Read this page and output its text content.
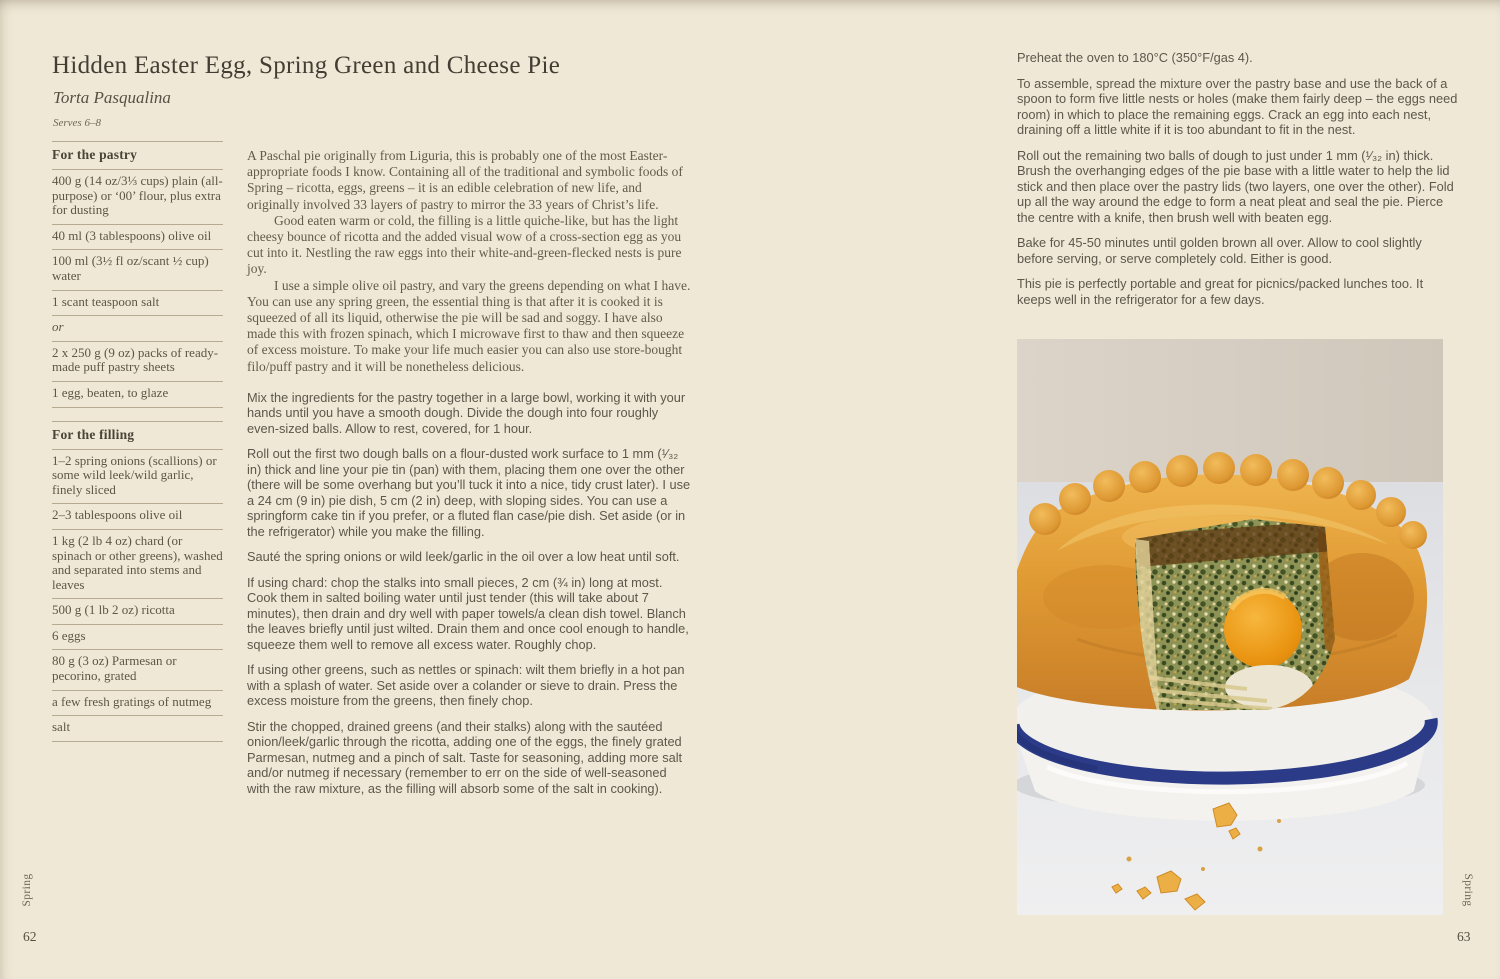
Hidden Easter Egg, Spring Green and Cheese Pie
Torta Pasqualina
Serves 6–8
For the pastry
400 g (14 oz/3⅓ cups) plain (all-purpose) or ‘00’ flour, plus extra for dusting
40 ml (3 tablespoons) olive oil
100 ml (3½ fl oz/scant ½ cup) water
1 scant teaspoon salt
or
2 x 250 g (9 oz) packs of ready-made puff pastry sheets
1 egg, beaten, to glaze
For the filling
1–2 spring onions (scallions) or some wild leek/wild garlic, finely sliced
2–3 tablespoons olive oil
1 kg (2 lb 4 oz) chard (or spinach or other greens), washed and separated into stems and leaves
500 g (1 lb 2 oz) ricotta
6 eggs
80 g (3 oz) Parmesan or pecorino, grated
a few fresh gratings of nutmeg
salt
A Paschal pie originally from Liguria, this is probably one of the most Easter-appropriate foods I know. Containing all of the traditional and symbolic foods of Spring – ricotta, eggs, greens – it is an edible celebration of new life, and originally involved 33 layers of pastry to mirror the 33 years of Christ’s life.
Good eaten warm or cold, the filling is a little quiche-like, but has the light cheesy bounce of ricotta and the added visual wow of a cross-section egg as you cut into it. Nestling the raw eggs into their white-and-green-flecked nests is pure joy.
I use a simple olive oil pastry, and vary the greens depending on what I have. You can use any spring green, the essential thing is that after it is cooked it is squeezed of all its liquid, otherwise the pie will be sad and soggy. I have also made this with frozen spinach, which I microwave first to thaw and then squeeze of excess moisture. To make your life much easier you can also use store-bought filo/puff pastry and it will be nonetheless delicious.
Mix the ingredients for the pastry together in a large bowl, working it with your hands until you have a smooth dough. Divide the dough into four roughly even-sized balls. Allow to rest, covered, for 1 hour.
Roll out the first two dough balls on a flour-dusted work surface to 1 mm (¹⁄₃₂ in) thick and line your pie tin (pan) with them, placing them one over the other (there will be some overhang but you’ll tuck it into a nice, tidy crust later). I use a 24 cm (9 in) pie dish, 5 cm (2 in) deep, with sloping sides. You can use a springform cake tin if you prefer, or a fluted flan case/pie dish. Set aside (or in the refrigerator) while you make the filling.
Sauté the spring onions or wild leek/garlic in the oil over a low heat until soft.
If using chard: chop the stalks into small pieces, 2 cm (¾ in) long at most. Cook them in salted boiling water until just tender (this will take about 7 minutes), then drain and dry well with paper towels/a clean dish towel. Blanch the leaves briefly until just wilted. Drain them and once cool enough to handle, squeeze them well to remove all excess water. Roughly chop.
If using other greens, such as nettles or spinach: wilt them briefly in a hot pan with a splash of water. Set aside over a colander or sieve to drain. Press the excess moisture from the greens, then finely chop.
Stir the chopped, drained greens (and their stalks) along with the sautéed onion/leek/garlic through the ricotta, adding one of the eggs, the finely grated Parmesan, nutmeg and a pinch of salt. Taste for seasoning, adding more salt and/or nutmeg if necessary (remember to err on the side of well-seasoned with the raw mixture, as the filling will absorb some of the salt in cooking).
Spring
62
Preheat the oven to 180°C (350°F/gas 4).
To assemble, spread the mixture over the pastry base and use the back of a spoon to form five little nests or holes (make them fairly deep – the eggs need room) in which to place the remaining eggs. Crack an egg into each nest, draining off a little white if it is too abundant to fit in the nest.
Roll out the remaining two balls of dough to just under 1 mm (¹⁄₃₂ in) thick. Brush the overhanging edges of the pie base with a little water to help the lid stick and then place over the pastry lids (two layers, one over the other). Fold up all the way around the edge to form a neat pleat and seal the pie. Pierce the centre with a knife, then brush well with beaten egg.
Bake for 45-50 minutes until golden brown all over. Allow to cool slightly before serving, or serve completely cold. Either is good.
This pie is perfectly portable and great for picnics/packed lunches too. It keeps well in the refrigerator for a few days.
Spring
63
